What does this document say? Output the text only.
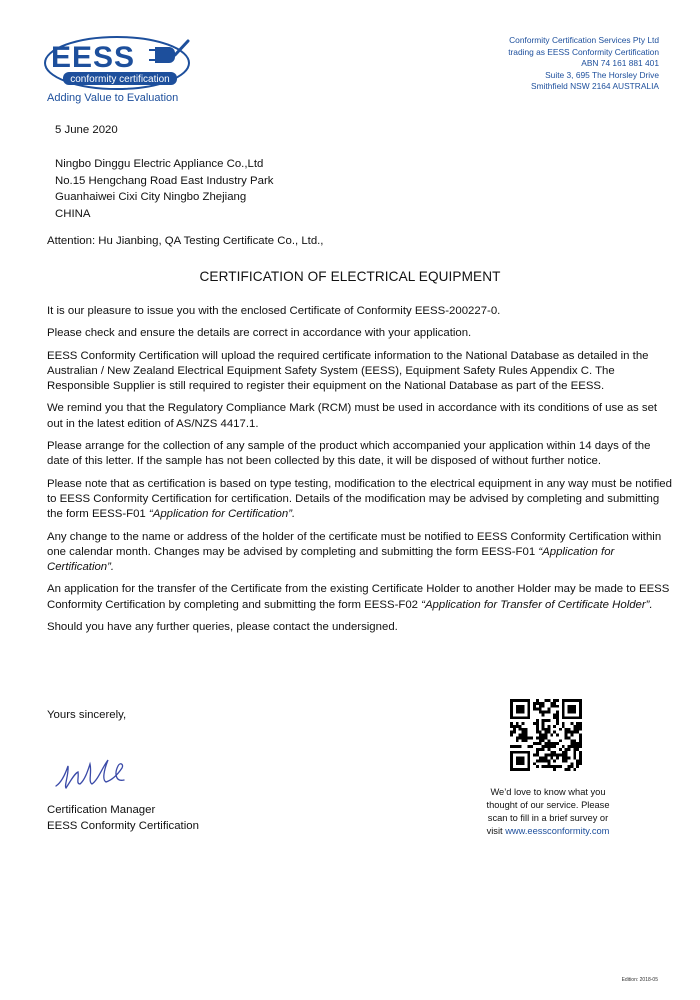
EESS
conformity certification
Adding Value to Evaluation
Conformity Certification Services Pty Ltd
trading as EESS Conformity Certification
ABN 74 161 881 401
Suite 3, 695 The Horsley Drive
Smithfield NSW 2164 AUSTRALIA
5 June 2020
Ningbo Dinggu Electric Appliance Co.,Ltd
No.15 Hengchang Road East Industry Park
Guanhaiwei Cixi City Ningbo Zhejiang
CHINA
Attention: Hu Jianbing, QA Testing Certificate Co., Ltd.,
CERTIFICATION OF ELECTRICAL EQUIPMENT

It is our pleasure to issue you with the enclosed Certificate of Conformity EESS-200227-0.

Please check and ensure the details are correct in accordance with your application.

EESS Conformity Certification will upload the required certificate information to the National Database as detailed in the Australian / New Zealand Electrical Equipment Safety System (EESS), Equipment Safety Rules Appendix C. The Responsible Supplier is still required to register their equipment on the National Database as part of the EESS.

We remind you that the Regulatory Compliance Mark (RCM) must be used in accordance with its conditions of use as set out in the latest edition of AS/NZS 4417.1.

Please arrange for the collection of any sample of the product which accompanied your application within 14 days of the date of this letter. If the sample has not been collected by this date, it will be disposed of without further notice.

Please note that as certification is based on type testing, modification to the electrical equipment in any way must be notified to EESS Conformity Certification for certification. Details of the modification may be advised by completing and submitting the form EESS-F01 “Application for Certification”.

Any change to the name or address of the holder of the certificate must be notified to EESS Conformity Certification within one calendar month. Changes may be advised by completing and submitting the form EESS-F01 “Application for Certification”.

An application for the transfer of the Certificate from the existing Certificate Holder to another Holder may be made to EESS Conformity Certification by completing and submitting the form EESS-F02 “Application for Transfer of Certificate Holder”.

Should you have any further queries, please contact the undersigned.

Yours sincerely,
Certification Manager
EESS Conformity Certification
We’d love to know what you
thought of our service. Please
scan to fill in a brief survey or
visit www.eessconformity.com
Edition: 2018-05
